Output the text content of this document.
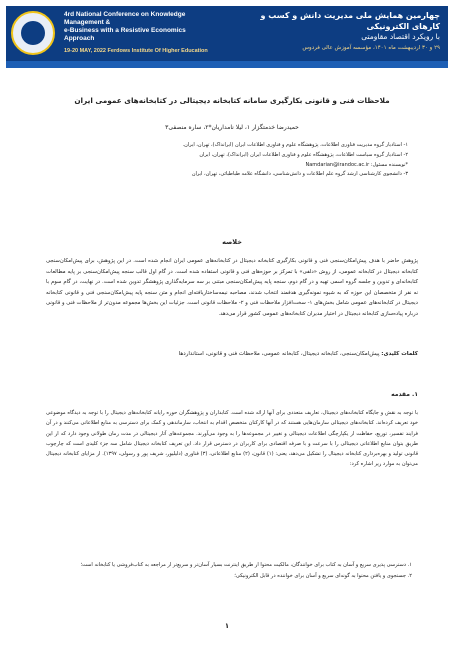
4rd National Conference on Knowledge Management &
e-Business with a Resistive Economics Approach
19-20 MAY, 2022 Ferdows Institute Of Higher Education
چهارمین همایش ملی مدیریت دانش و کسب و کارهای الکترونیکی
با رویکرد اقتصاد مقاومتی
۲۹ و ۳۰ اردیبهشت ماه ۱۴۰۱، مؤسسه آموزش عالی فردوس
ملاحظات فنی و قانونی بکارگیری سامانه کتابخانه دیجیتالی در کتابخانه‌های عمومی ایران
حمیدرضا خدمتگزار ۱، لیلا نامداریان*۲، ساره منصفی۳

۱- استادیار گروه مدیریت فناوری اطلاعات، پژوهشگاه علوم و فناوری اطلاعات ایران (ایرانداک)، تهران، ایران.

۲- استادیار گروه سیاست اطلاعات، پژوهشگاه علوم و فناوری اطلاعات ایران (ایرانداک)، تهران، ایران

*نویسنده مسئول: Namdarian@irandoc.ac.ir

۳- دانشجوی کارشناسی ارشد گروه علم اطلاعات و دانش‌شناسی، دانشگاه علامه طباطبائی، تهران، ایران

خلاصه

پژوهش حاضر با هدف پیش‌امکان‌سنجی فنی و قانونی بکارگیری کتابخانه دیجیتال در کتابخانه‌های عمومی ایران انجام شده است. در این پژوهش، برای پیش‌امکان‌سنجی کتابخانه دیجیتال در کتابخانه عمومی، از روش «دلفی» با تمرکز بر حوزه‌های فنی و قانونی استفاده شده است. در گام اول قالب سنجه پیش‌امکان‌سنجی بر پایه مطالعات کتابخانه‌ای و تدوین و جلسه گروه اسمی تهیه و در گام دوم، سنجه پایه پیش‌امکان‌سنجی مبتنی بر سه سرمایه‌گذاری پژوهشگر تدوین شده است. در نهایت، در گام سوم با نه نفر از متخصصان این حوزه که به شیوه نمونه‌گیری هدفمند انتخاب شدند، مصاحبه نیمه‌ساختاریافته‌ای انجام و متن سنجه پایه پیش‌امکان‌سنجی فنی و قانونی کتابخانه دیجیتال در کتابخانه‌های عمومی شامل بخش‌های ۱- سخت‌افزار ملاحظات فنی و ۲- ملاحظات قانونی است. جزئیات این بخش‌ها مجموعه مدون‌تر از ملاحظات فنی و قانونی درباره پیاده‌سازی کتابخانه دیجیتال در اختیار مدیران کتابخانه‌های عمومی کشور قرار می‌دهد.

کلمات کلیدی: پیش‌امکان‌سنجی، کتابخانه دیجیتال، کتابخانه عمومی، ملاحظات فنی و قانونی، استانداردها
۱. مقدمه

با توجه به نقش و جایگاه کتابخانه‌های دیجیتال، تعاریف متعددی برای آنها ارائه شده است. کتابداران و پژوهشگران حوزه رایانه کتابخانه‌های دیجیتال را با توجه به دیدگاه موضوعی خود تعریف کرده‌اند. کتابخانه‌های دیجیتالی سازمان‌هایی هستند که در آنها کارکنان متخصص اقدام به انتخاب، سازماندهی و کمک برای دسترسی به منابع اطلاعاتی می‌کنند و در آن فرایند تفسیر، توزیع، حفاظت از یکپارچگی اطلاعات دیجیتالی و تغییر در مجموعه‌ها را به وجود می‌آورند. مجموعه‌های آثار دیجیتالی در مدت زمان طولانی وجود دارد که از این طریق بتوان منابع اطلاعاتی دیجیتالی را با سرعت و با صرفه اقتصادی برای کاربران در دسترس قرار داد. این تعریف کتابخانه دیجیتال شامل سه جزء کلیدی است که چارچوب قانونی تولید و بهره‌برداری کتابخانه دیجیتال را تشکیل می‌دهد، یعنی: (۱) قانون، (۲) منابع اطلاعاتی، (۳) فناوری (دلیلیور، شریف پور و رسولی، ۱۳۹۷). از مزایای کتابخانه دیجیتال می‌توان به موارد زیر اشاره کرد:

۱. دسترسی پذیری سریع و آسان به کتاب برای خوانندگان، مالکیت محتوا از طریق اینترنت بسیار آسان‌تر و سریع‌تر از مراجعه به کتاب‌فروشی یا کتابخانه است؛

۲. جستجوی و یافتن محتوا به گونه‌ای سریع و آسان برای خواننده در قابل الکترونیکی؛

۱
